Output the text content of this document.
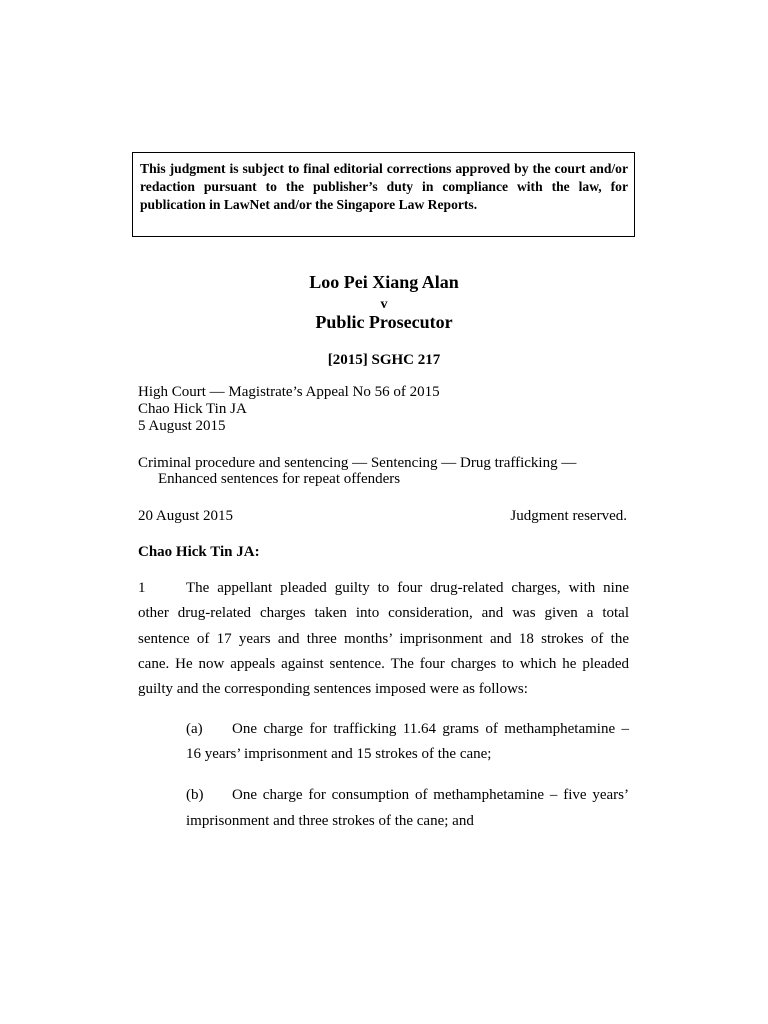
This judgment is subject to final editorial corrections approved by the court and/or redaction pursuant to the publisher’s duty in compliance with the law, for publication in LawNet and/or the Singapore Law Reports.
Loo Pei Xiang Alan
v
Public Prosecutor
[2015] SGHC 217
High Court — Magistrate’s Appeal No 56 of 2015
Chao Hick Tin JA
5 August 2015
Criminal procedure and sentencing — Sentencing — Drug trafficking —
Enhanced sentences for repeat offenders
20 August 2015	Judgment reserved.
Chao Hick Tin JA:
1	The appellant pleaded guilty to four drug-related charges, with nine
other drug-related charges taken into consideration, and was given a total
sentence of 17 years and three months’ imprisonment and 18 strokes of the
cane. He now appeals against sentence. The four charges to which he pleaded
guilty and the corresponding sentences imposed were as follows:
(a) One charge for trafficking 11.64 grams of methamphetamine –
16 years’ imprisonment and 15 strokes of the cane;
(b) One charge for consumption of methamphetamine – five years’
imprisonment and three strokes of the cane; and
